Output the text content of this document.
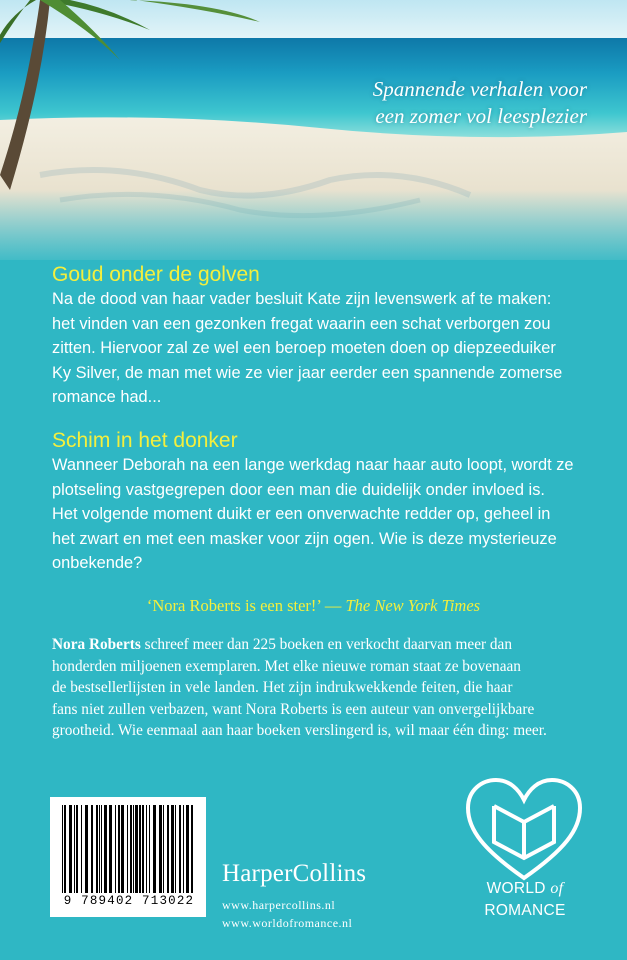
Spannende verhalen voor
een zomer vol leesplezier
Goud onder de golven
Na de dood van haar vader besluit Kate zijn levenswerk af te maken:
het vinden van een gezonken fregat waarin een schat verborgen zou
zitten. Hiervoor zal ze wel een beroep moeten doen op diepzeeduiker
Ky Silver, de man met wie ze vier jaar eerder een spannende zomerse
romance had...
Schim in het donker
Wanneer Deborah na een lange werkdag naar haar auto loopt, wordt ze
plotseling vastgegrepen door een man die duidelijk onder invloed is.
Het volgende moment duikt er een onverwachte redder op, geheel in
het zwart en met een masker voor zijn ogen. Wie is deze mysterieuze
onbekende?
‘Nora Roberts is een ster!’ — The New York Times
Nora Roberts schreef meer dan 225 boeken en verkocht daarvan meer dan
honderden miljoenen exemplaren. Met elke nieuwe roman staat ze bovenaan
de bestsellerlijsten in vele landen. Het zijn indrukwekkende feiten, die haar
fans niet zullen verbazen, want Nora Roberts is een auteur van onvergelijkbare
grootheid. Wie eenmaal aan haar boeken verslingerd is, wil maar één ding: meer.
9 789402 713022
HarperCollins
www.harpercollins.nl
www.worldofromance.nl
WORLD of
ROMANCE
